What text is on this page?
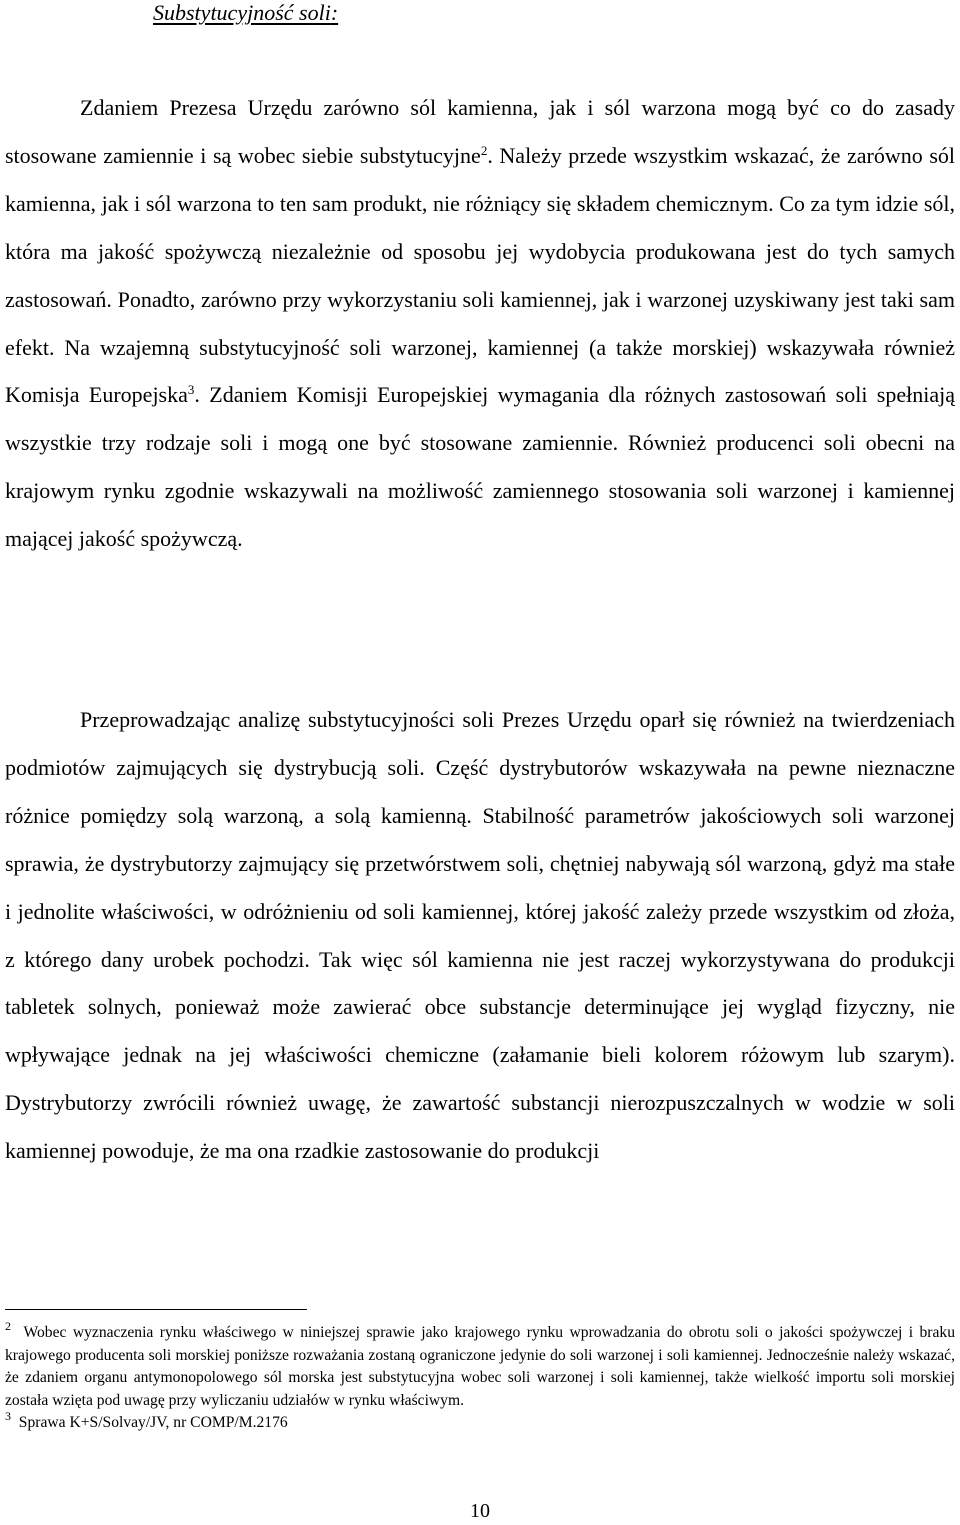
Substytucyjność soli:

Zdaniem Prezesa Urzędu zarówno sól kamienna, jak i sól warzona mogą być co do zasady stosowane zamiennie i są wobec siebie substytucyjne$^2$. Należy przede wszystkim wskazać, że zarówno sól kamienna, jak i sól warzona to ten sam produkt, nie różniący się składem chemicznym. Co za tym idzie sól, która ma jakość spożywczą niezależnie od sposobu jej wydobycia produkowana jest do tych samych zastosowań. Ponadto, zarówno przy wykorzystaniu soli kamiennej, jak i warzonej uzyskiwany jest taki sam efekt. Na wzajemną substytucyjność soli warzonej, kamiennej (a także morskiej) wskazywała również Komisja Europejska$^3$. Zdaniem Komisji Europejskiej wymagania dla różnych zastosowań soli spełniają wszystkie trzy rodzaje soli i mogą one być stosowane zamiennie. Również producenci soli obecni na krajowym rynku zgodnie wskazywali na możliwość zamiennego stosowania soli warzonej i kamiennej mającej jakość spożywczą.

Przeprowadzając analizę substytucyjności soli Prezes Urzędu oparł się również na twierdzeniach podmiotów zajmujących się dystrybucją soli. Część dystrybutorów wskazywała na pewne nieznaczne różnice pomiędzy solą warzoną, a solą kamienną. Stabilność parametrów jakościowych soli warzonej sprawia, że dystrybutorzy zajmujący się przetwórstwem soli, chętniej nabywają sól warzoną, gdyż ma stałe i jednolite właściwości, w odróżnieniu od soli kamiennej, której jakość zależy przede wszystkim od złoża, z którego dany urobek pochodzi. Tak więc sól kamienna nie jest raczej wykorzystywana do produkcji tabletek solnych, ponieważ może zawierać obce substancje determinujące jej wygląd fizyczny, nie wpływające jednak na jej właściwości chemiczne (załamanie bieli kolorem różowym lub szarym). Dystrybutorzy zwrócili również uwagę, że zawartość substancji nierozpuszczalnych w wodzie w soli kamiennej powoduje, że ma ona rzadkie zastosowanie do produkcji

$^2$ Wobec wyznaczenia rynku właściwego w niniejszej sprawie jako krajowego rynku wprowadzania do obrotu soli o jakości spożywczej i braku krajowego producenta soli morskiej poniższe rozważania zostaną ograniczone jedynie do soli warzonej i soli kamiennej. Jednocześnie należy wskazać, że zdaniem organu antymonopolowego sól morska jest substytucyjna wobec soli warzonej i soli kamiennej, także wielkość importu soli morskiej została wzięta pod uwagę przy wyliczaniu udziałów w rynku właściwym.

$^3$ Sprawa K+S/Solvay/JV, nr COMP/M.2176

10
